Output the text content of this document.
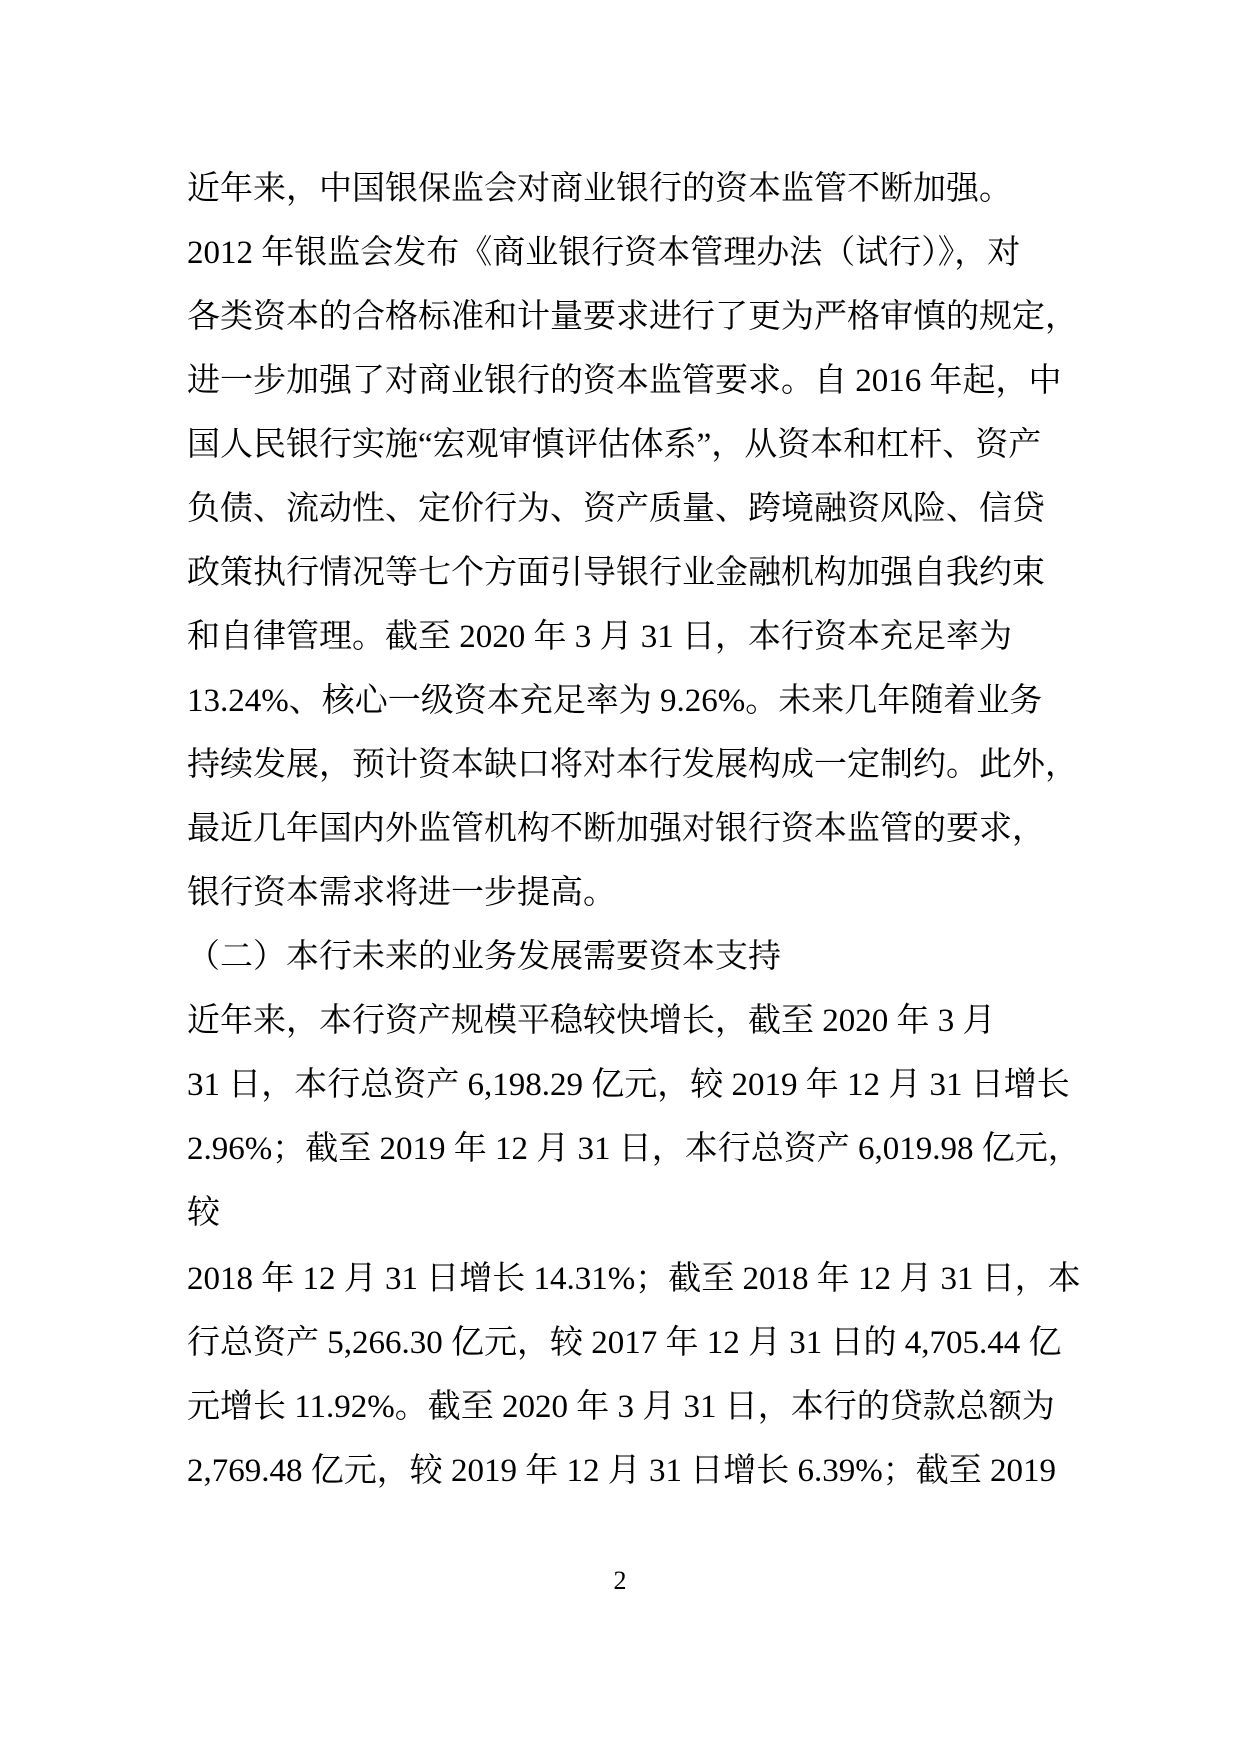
近年来，中国银保监会对商业银行的资本监管不断加强。
2012 年银监会发布《商业银行资本管理办法（试行）》，对
各类资本的合格标准和计量要求进行了更为严格审慎的规定，
进一步加强了对商业银行的资本监管要求。自 2016 年起，中
国人民银行实施“宏观审慎评估体系”，从资本和杠杆、资产
负债、流动性、定价行为、资产质量、跨境融资风险、信贷
政策执行情况等七个方面引导银行业金融机构加强自我约束
和自律管理。截至 2020 年 3 月 31 日，本行资本充足率为
13.24%、核心一级资本充足率为 9.26%。未来几年随着业务
持续发展，预计资本缺口将对本行发展构成一定制约。此外，
最近几年国内外监管机构不断加强对银行资本监管的要求，
银行资本需求将进一步提高。
（二）本行未来的业务发展需要资本支持
近年来，本行资产规模平稳较快增长，截至 2020 年 3 月
31 日，本行总资产 6,198.29 亿元，较 2019 年 12 月 31 日增长
2.96%；截至 2019 年 12 月 31 日，本行总资产 6,019.98 亿元，
较
2018 年 12 月 31 日增长 14.31%；截至 2018 年 12 月 31 日，本
行总资产 5,266.30 亿元，较 2017 年 12 月 31 日的 4,705.44 亿
元增长 11.92%。截至 2020 年 3 月 31 日，本行的贷款总额为
2,769.48 亿元，较 2019 年 12 月 31 日增长 6.39%；截至 2019
2
